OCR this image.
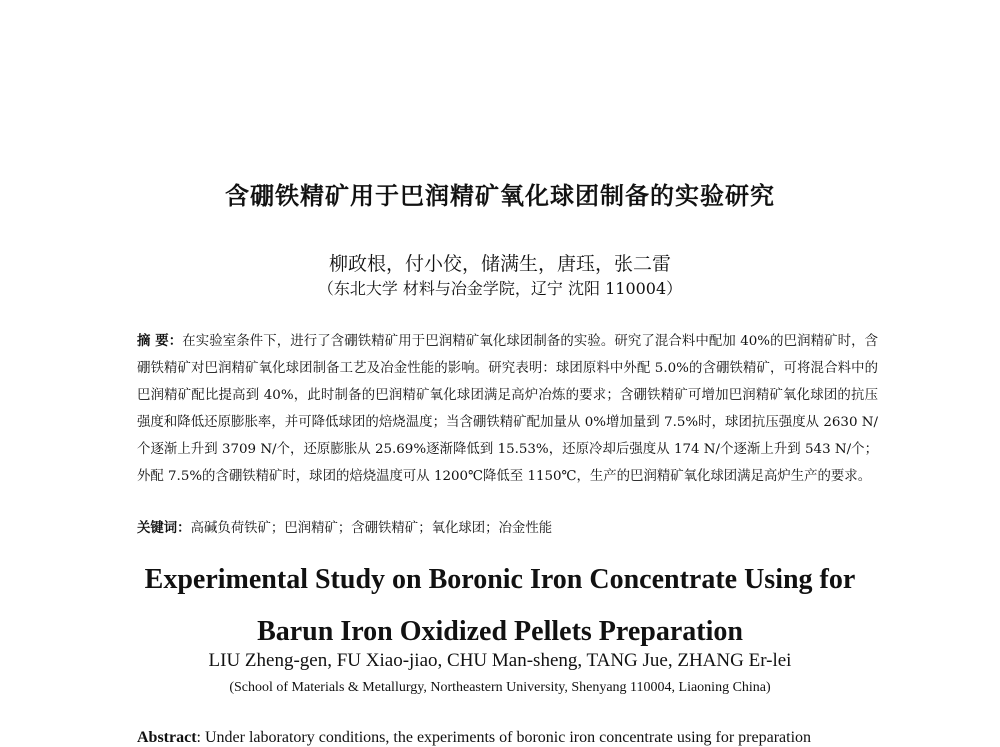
含硼铁精矿用于巴润精矿氧化球团制备的实验研究
柳政根，付小佼，储满生，唐珏，张二雷
（东北大学 材料与冶金学院，辽宁 沈阳 110004）

摘 要：在实验室条件下，进行了含硼铁精矿用于巴润精矿氧化球团制备的实验。研究了混合料中配加 40%的巴润精矿时，含硼铁精矿对巴润精矿氧化球团制备工艺及冶金性能的影响。研究表明：球团原料中外配 5.0%的含硼铁精矿，可将混合料中的巴润精矿配比提高到 40%，此时制备的巴润精矿氧化球团满足高炉冶炼的要求；含硼铁精矿可增加巴润精矿氧化球团的抗压强度和降低还原膨胀率，并可降低球团的焙烧温度；当含硼铁精矿配加量从 0%增加量到 7.5%时，球团抗压强度从 2630 N/个逐渐上升到 3709 N/个，还原膨胀从 25.69%逐渐降低到 15.53%，还原冷却后强度从 174 N/个逐渐上升到 543 N/个；外配 7.5%的含硼铁精矿时，球团的焙烧温度可从 1200℃降低至 1150℃，生产的巴润精矿氧化球团满足高炉生产的要求。

关键词：高碱负荷铁矿；巴润精矿；含硼铁精矿；氧化球团；冶金性能

Experimental Study on Boronic Iron Concentrate Using for
Barun Iron Oxidized Pellets Preparation
LIU Zheng-gen, FU Xiao-jiao, CHU Man-sheng, TANG Jue, ZHANG Er-lei
(School of Materials & Metallurgy, Northeastern University, Shenyang 110004, Liaoning China)

Abstract: Under laboratory conditions, the experiments of boronic iron concentrate using for preparation
